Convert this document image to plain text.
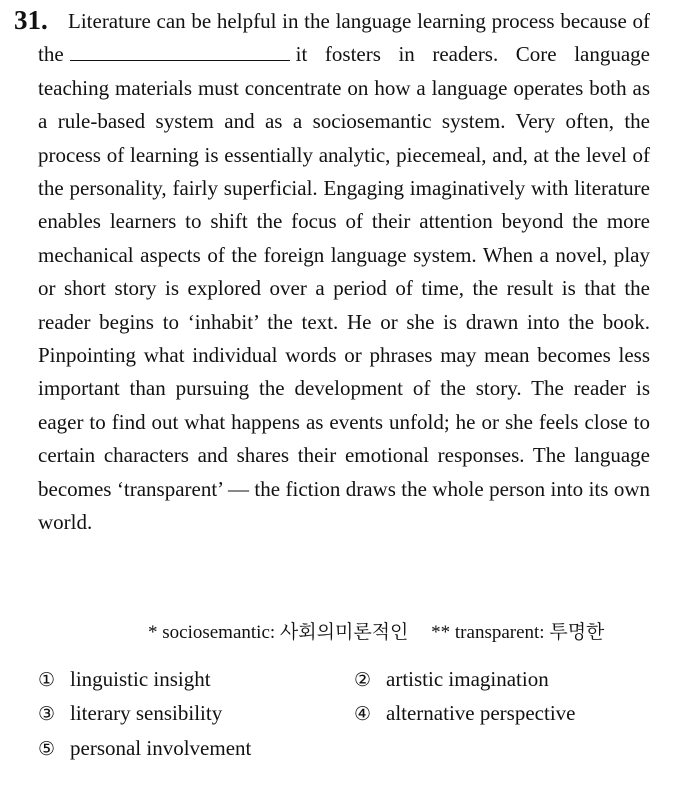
31. Literature can be helpful in the language learning process because of the	it fosters in readers. Core language teaching materials must concentrate on how a language operates both as a rule-based system and as a sociosemantic system. Very often, the process of learning is essentially analytic, piecemeal, and, at the level of the personality, fairly superficial. Engaging imaginatively with literature enables learners to shift the focus of their attention beyond the more mechanical aspects of the foreign language system. When a novel, play or short story is explored over a period of time, the result is that the reader begins to ‘inhabit’ the text. He or she is drawn into the book. Pinpointing what individual words or phrases may mean becomes less important than pursuing the development of the story. The reader is eager to find out what happens as events unfold; he or she feels close to certain characters and shares their emotional responses. The language becomes ‘transparent’ — the fiction draws the whole person into its own world.

* sociosemantic: 사회의미론적인 ** transparent: 투명한
① linguistic insight	② artistic imagination
③ literary sensibility	④ alternative perspective
⑤ personal involvement
